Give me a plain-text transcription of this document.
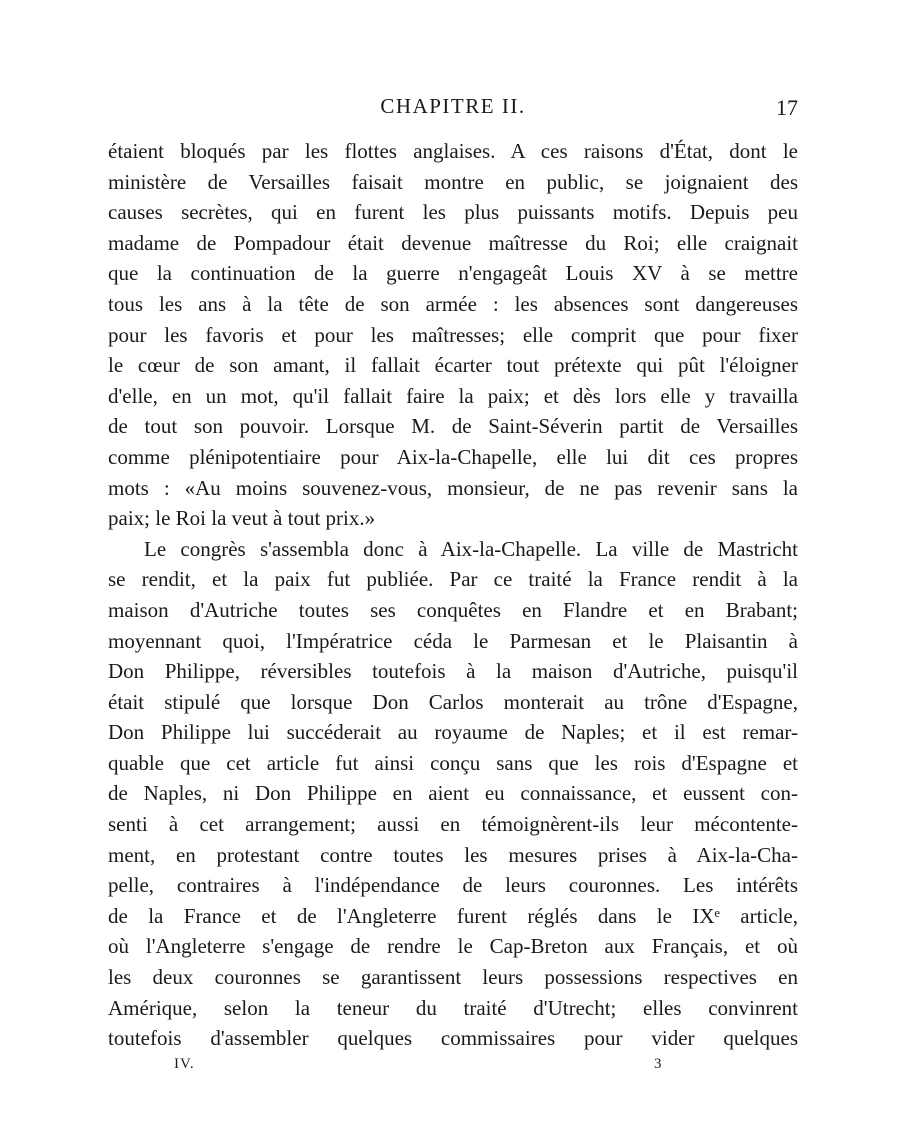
CHAPITRE II.	17
étaient bloqués par les flottes anglaises. A ces raisons d'État, dont le
ministère de Versailles faisait montre en public, se joignaient des
causes secrètes, qui en furent les plus puissants motifs. Depuis peu
madame de Pompadour était devenue maîtresse du Roi; elle craignait
que la continuation de la guerre n'engageât Louis XV à se mettre
tous les ans à la tête de son armée : les absences sont dangereuses
pour les favoris et pour les maîtresses; elle comprit que pour fixer
le cœur de son amant, il fallait écarter tout prétexte qui pût l'éloigner
d'elle, en un mot, qu'il fallait faire la paix; et dès lors elle y travailla
de tout son pouvoir. Lorsque M. de Saint-Séverin partit de Versailles
comme plénipotentiaire pour Aix-la-Chapelle, elle lui dit ces propres
mots : «Au moins souvenez-vous, monsieur, de ne pas revenir sans la
paix; le Roi la veut à tout prix.»
Le congrès s'assembla donc à Aix-la-Chapelle. La ville de Mastricht
se rendit, et la paix fut publiée. Par ce traité la France rendit à la
maison d'Autriche toutes ses conquêtes en Flandre et en Brabant;
moyennant quoi, l'Impératrice céda le Parmesan et le Plaisantin à
Don Philippe, réversibles toutefois à la maison d'Autriche, puisqu'il
était stipulé que lorsque Don Carlos monterait au trône d'Espagne,
Don Philippe lui succéderait au royaume de Naples; et il est remar-
quable que cet article fut ainsi conçu sans que les rois d'Espagne et
de Naples, ni Don Philippe en aient eu connaissance, et eussent con-
senti à cet arrangement; aussi en témoignèrent-ils leur mécontente-
ment, en protestant contre toutes les mesures prises à Aix-la-Cha-
pelle, contraires à l'indépendance de leurs couronnes. Les intérêts
de la France et de l'Angleterre furent réglés dans le IXᵉ article,
où l'Angleterre s'engage de rendre le Cap-Breton aux Français, et où
les deux couronnes se garantissent leurs possessions respectives en
Amérique, selon la teneur du traité d'Utrecht; elles convinrent
toutefois d'assembler quelques commissaires pour vider quelques
IV.	3
